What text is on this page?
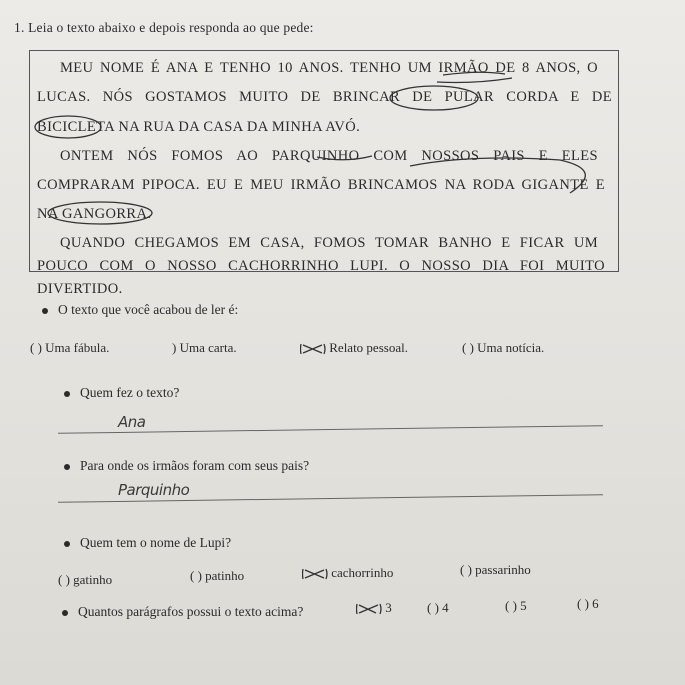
1. Leia o texto abaixo e depois responda ao que pede:
MEU NOME É ANA E TENHO 10 ANOS. TENHO UM IRMÃO DE 8 ANOS, O
LUCAS. NÓS GOSTAMOS MUITO DE BRINCAR DE PULAR CORDA E DE
BICICLETA NA RUA DA CASA DA MINHA AVÓ.
ONTEM NÓS FOMOS AO PARQUINHO COM NOSSOS PAIS E ELES
COMPRARAM PIPOCA. EU E MEU IRMÃO BRINCAMOS NA RODA GIGANTE E
NA GANGORRA.
QUANDO CHEGAMOS EM CASA, FOMOS TOMAR BANHO E FICAR UM
POUCO COM O NOSSO CACHORRINHO LUPI. O NOSSO DIA FOI MUITO
DIVERTIDO.
O texto que você acabou de ler é:
( ) Uma fábula.	) Uma carta.	Relato pessoal.	( ) Uma notícia.
Quem fez o texto?
Ana
Para onde os irmãos foram com seus pais?
Parquinho
Quem tem o nome de Lupi?
( ) gatinho	( ) patinho	cachorrinho	( ) passarinho
Quantos parágrafos possui o texto acima?	3	( ) 4	( ) 5	( ) 6
